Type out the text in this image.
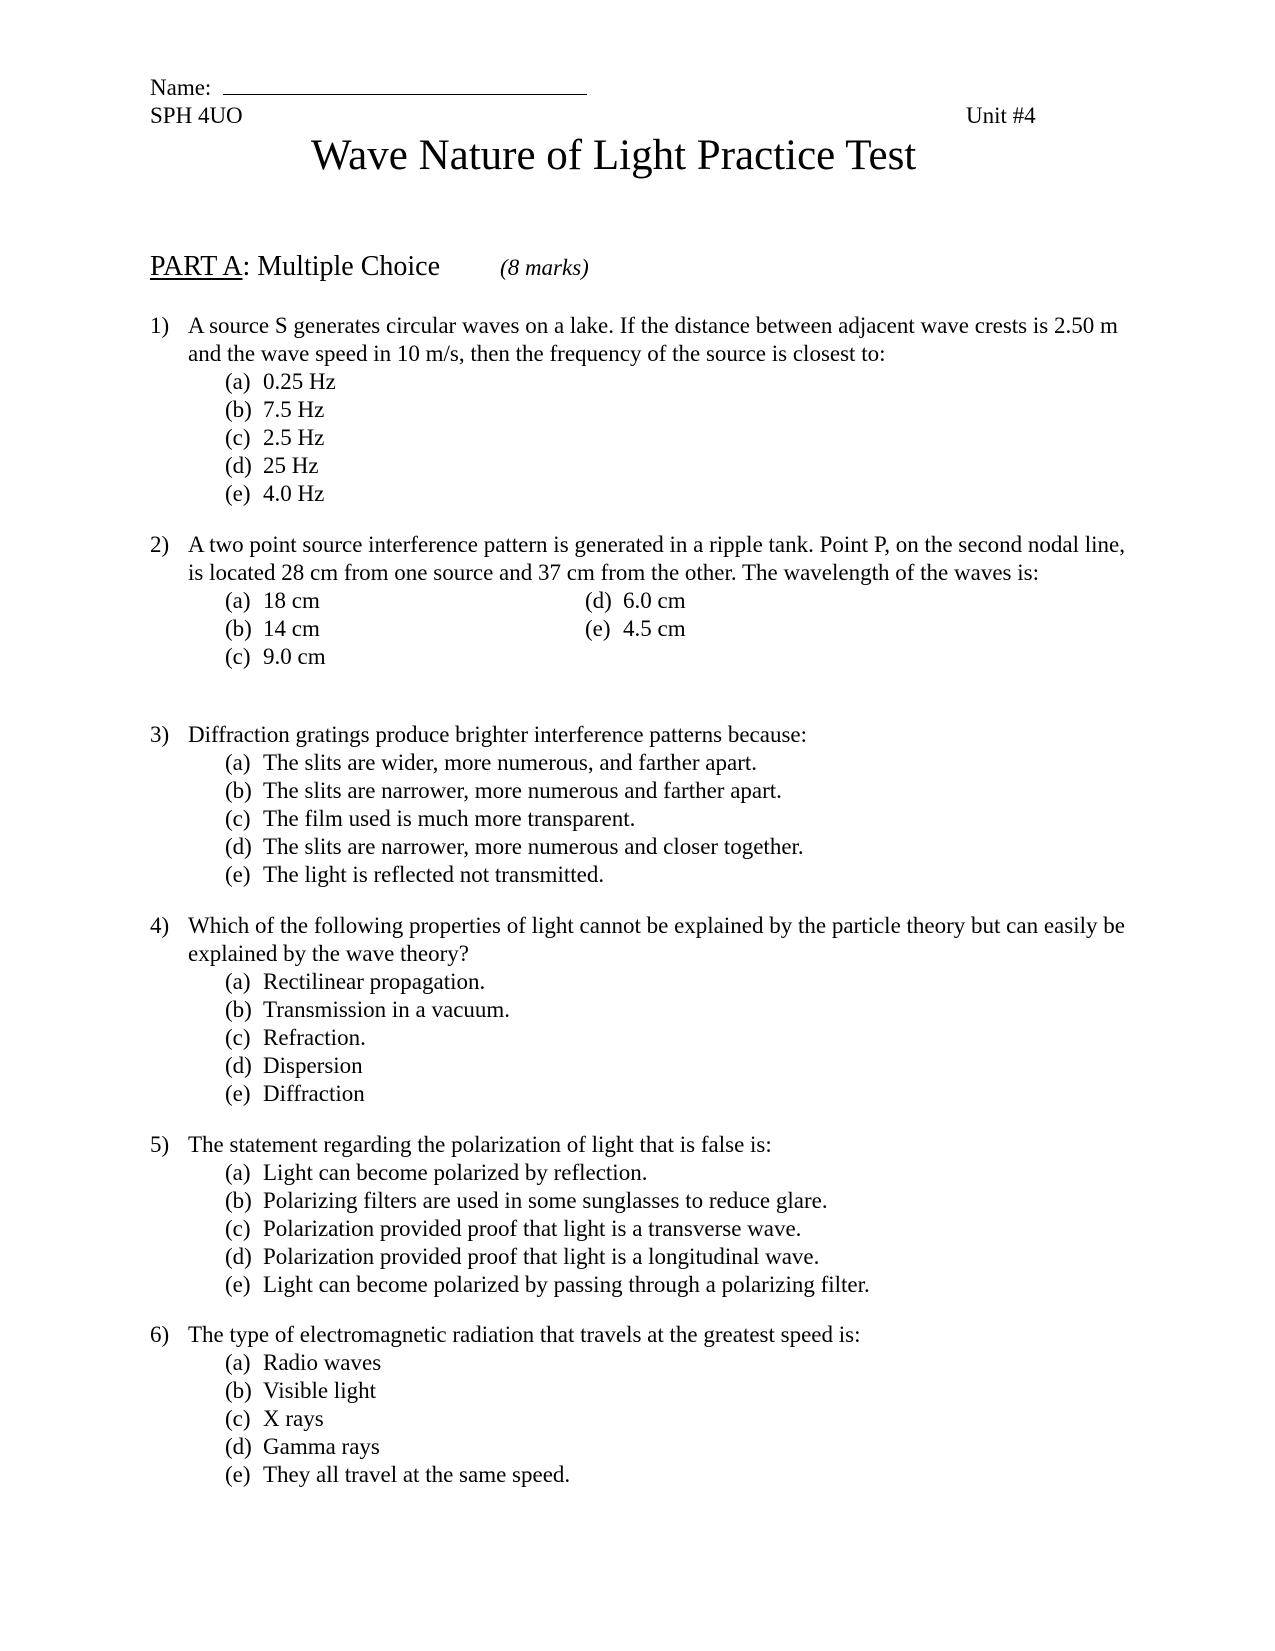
Name:
SPH 4UO	Unit #4
Wave Nature of Light Practice Test
PART A: Multiple Choice	(8 marks)
1) A source S generates circular waves on a lake. If the distance between adjacent wave crests is 2.50 m and the wave speed in 10 m/s, then the frequency of the source is closest to:
(a) 0.25 Hz
(b) 7.5 Hz
(c) 2.5 Hz
(d) 25 Hz
(e) 4.0 Hz
2) A two point source interference pattern is generated in a ripple tank. Point P, on the second nodal line, is located 28 cm from one source and 37 cm from the other. The wavelength of the waves is:
(a) 18 cm
(b) 14 cm
(c) 9.0 cm
(d) 6.0 cm
(e) 4.5 cm
3) Diffraction gratings produce brighter interference patterns because:
(a) The slits are wider, more numerous, and farther apart.
(b) The slits are narrower, more numerous and farther apart.
(c) The film used is much more transparent.
(d) The slits are narrower, more numerous and closer together.
(e) The light is reflected not transmitted.
4) Which of the following properties of light cannot be explained by the particle theory but can easily be explained by the wave theory?
(a) Rectilinear propagation.
(b) Transmission in a vacuum.
(c) Refraction.
(d) Dispersion
(e) Diffraction
5) The statement regarding the polarization of light that is false is:
(a) Light can become polarized by reflection.
(b) Polarizing filters are used in some sunglasses to reduce glare.
(c) Polarization provided proof that light is a transverse wave.
(d) Polarization provided proof that light is a longitudinal wave.
(e) Light can become polarized by passing through a polarizing filter.
6) The type of electromagnetic radiation that travels at the greatest speed is:
(a) Radio waves
(b) Visible light
(c) X rays
(d) Gamma rays
(e) They all travel at the same speed.
